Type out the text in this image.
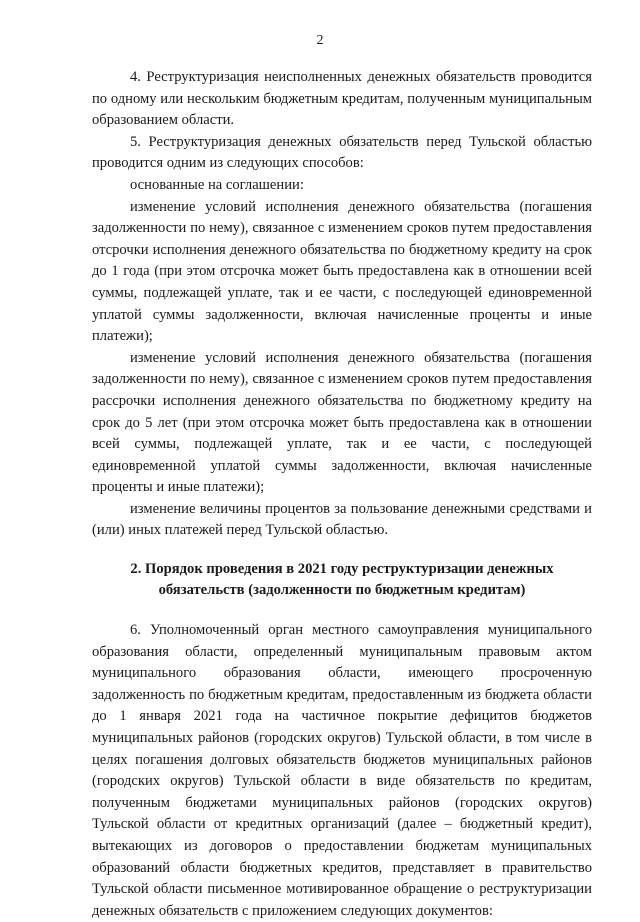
2

4. Реструктуризация неисполненных денежных обязательств проводится по одному или нескольким бюджетным кредитам, полученным муниципальным образованием области.

5. Реструктуризация денежных обязательств перед Тульской областью проводится одним из следующих способов:

основанные на соглашении:

изменение условий исполнения денежного обязательства (погашения задолженности по нему), связанное с изменением сроков путем предоставления отсрочки исполнения денежного обязательства по бюджетному кредиту на срок до 1 года (при этом отсрочка может быть предоставлена как в отношении всей суммы, подлежащей уплате, так и ее части, с последующей единовременной уплатой суммы задолженности, включая начисленные проценты и иные платежи);

изменение условий исполнения денежного обязательства (погашения задолженности по нему), связанное с изменением сроков путем предоставления рассрочки исполнения денежного обязательства по бюджетному кредиту на срок до 5 лет (при этом отсрочка может быть предоставлена как в отношении всей суммы, подлежащей уплате, так и ее части, с последующей единовременной уплатой суммы задолженности, включая начисленные проценты и иные платежи);

изменение величины процентов за пользование денежными средствами и (или) иных платежей перед Тульской областью.

2. Порядок проведения в 2021 году реструктуризации денежных обязательств (задолженности по бюджетным кредитам)

6. Уполномоченный орган местного самоуправления муниципального образования области, определенный муниципальным правовым актом муниципального образования области, имеющего просроченную задолженность по бюджетным кредитам, предоставленным из бюджета области до 1 января 2021 года на частичное покрытие дефицитов бюджетов муниципальных районов (городских округов) Тульской области, в том числе в целях погашения долговых обязательств бюджетов муниципальных районов (городских округов) Тульской области в виде обязательств по кредитам, полученным бюджетами муниципальных районов (городских округов) Тульской области от кредитных организаций (далее – бюджетный кредит), вытекающих из договоров о предоставлении бюджетам муниципальных образований области бюджетных кредитов, представляет в правительство Тульской области письменное мотивированное обращение о реструктуризации денежных обязательств с приложением следующих документов:
